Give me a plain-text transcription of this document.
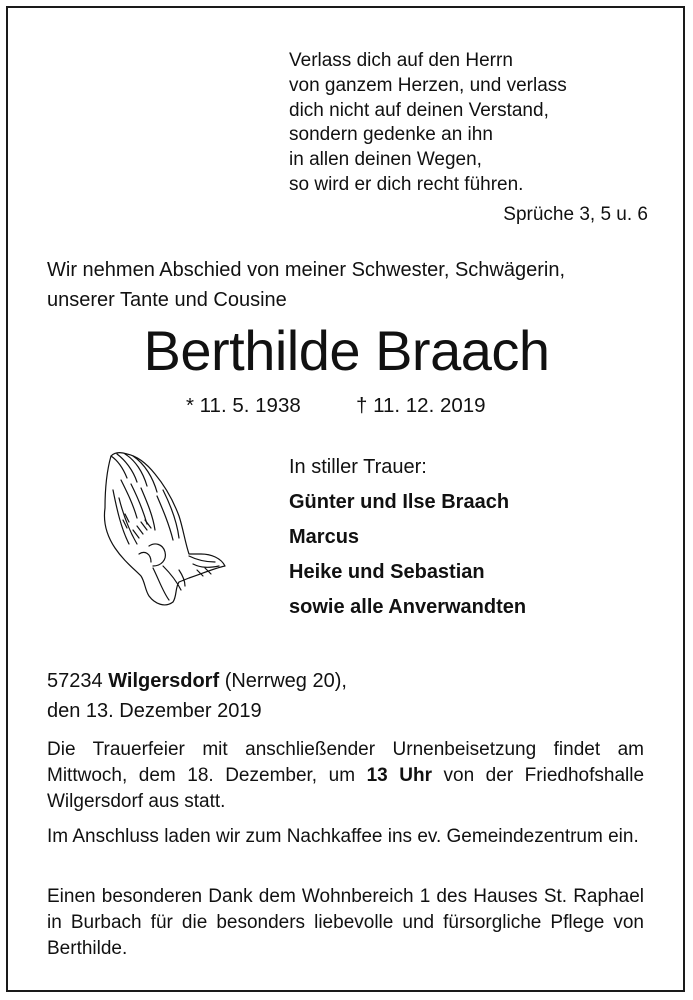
Verlass dich auf den Herrn
von ganzem Herzen, und verlass
dich nicht auf deinen Verstand,
sondern gedenke an ihn
in allen deinen Wegen,
so wird er dich recht führen.
Sprüche 3, 5 u. 6
Wir nehmen Abschied von meiner Schwester, Schwägerin,
unserer Tante und Cousine
Berthilde Braach
* 11. 5. 1938	† 11. 12. 2019
In stiller Trauer:
Günter und Ilse Braach
Marcus
Heike und Sebastian
sowie alle Anverwandten
57234 Wilgersdorf (Nerrweg 20),
den 13. Dezember 2019

Die Trauerfeier mit anschließender Urnenbeisetzung findet am Mittwoch, dem 18. Dezember, um 13 Uhr von der Friedhofshalle Wilgersdorf aus statt.

Im Anschluss laden wir zum Nachkaffee ins ev. Gemeindezentrum ein.

Einen besonderen Dank dem Wohnbereich 1 des Hauses St. Raphael in Burbach für die besonders liebevolle und fürsorgliche Pflege von Berthilde.
